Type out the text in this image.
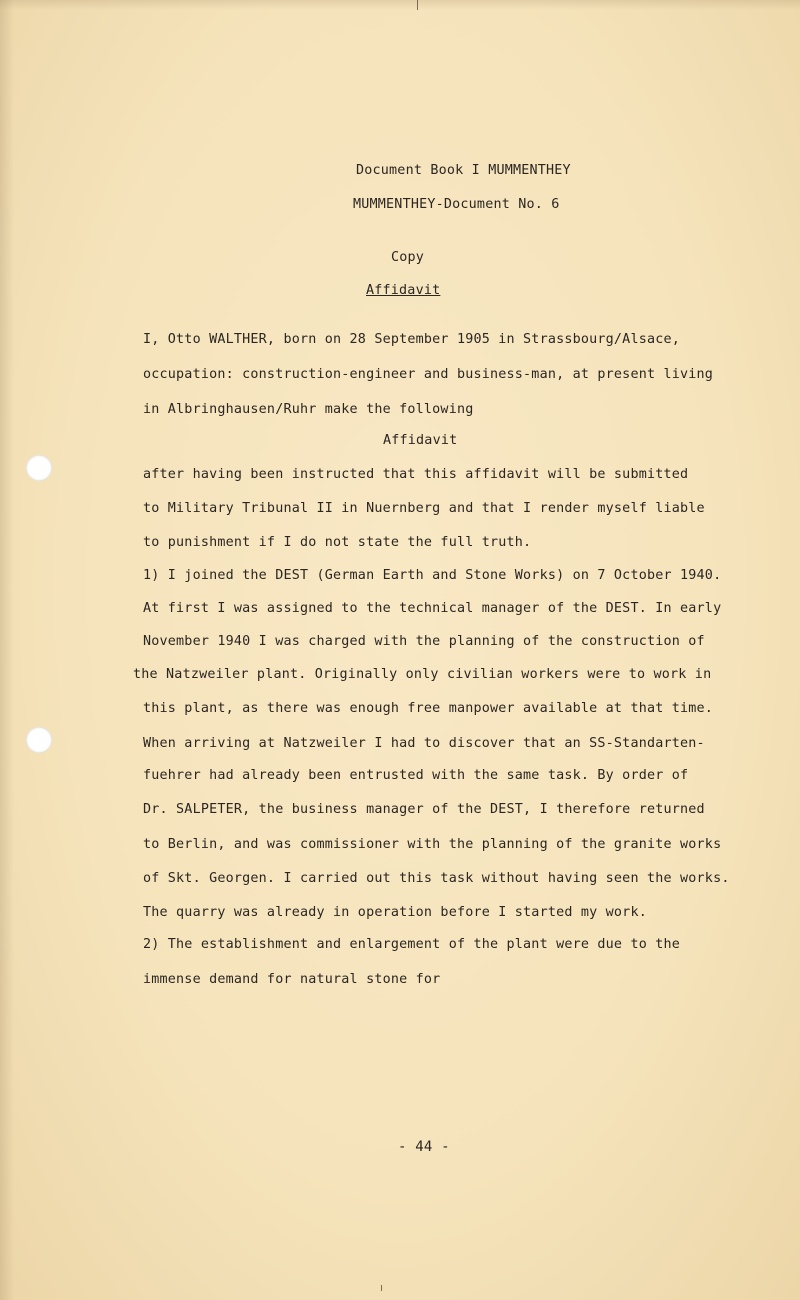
Document Book I MUMMENTHEY
MUMMENTHEY-Document No. 6
Copy
Affidavit
I, Otto WALTHER, born on 28 September 1905 in Strassbourg/Alsace,
occupation: construction-engineer and business-man, at present living
in Albringhausen/Ruhr make the following
Affidavit
after having been instructed that this affidavit will be submitted
to Military Tribunal II in Nuernberg and that I render myself liable
to punishment if I do not state the full truth.
1) I joined the DEST (German Earth and Stone Works) on 7 October 1940.
At first I was assigned to the technical manager of the DEST. In early
November 1940 I was charged with the planning of the construction of
the Natzweiler plant. Originally only civilian workers were to work in
this plant, as there was enough free manpower available at that time.
When arriving at Natzweiler I had to discover that an SS-Standarten-
fuehrer had already been entrusted with the same task. By order of
Dr. SALPETER, the business manager of the DEST, I therefore returned
to Berlin, and was commissioner with the planning of the granite works
of Skt. Georgen. I carried out this task without having seen the works.
The quarry was already in operation before I started my work.
2) The establishment and enlargement of the plant were due to the
immense demand for natural stone for
- 44 -
